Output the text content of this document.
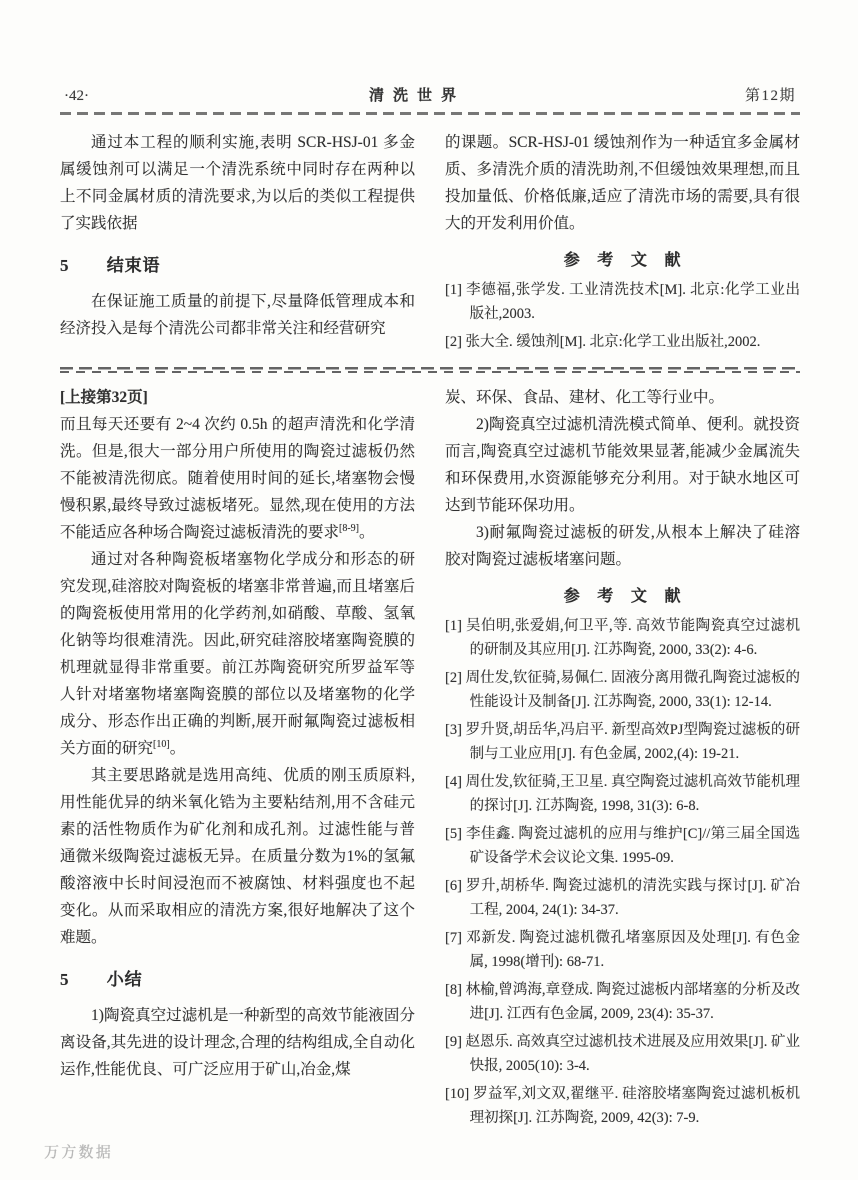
·42·	清洗世界	第12期

通过本工程的顺利实施,表明 SCR-HSJ-01 多金属缓蚀剂可以满足一个清洗系统中同时存在两种以上不同金属材质的清洗要求,为以后的类似工程提供了实践依据

5 结束语

在保证施工质量的前提下,尽量降低管理成本和经济投入是每个清洗公司都非常关注和经营研究

的课题。SCR-HSJ-01 缓蚀剂作为一种适宜多金属材质、多清洗介质的清洗助剂,不但缓蚀效果理想,而且投加量低、价格低廉,适应了清洗市场的需要,具有很大的开发利用价值。

参　考　文　献
[1] 李德福,张学发. 工业清洗技术[M]. 北京:化学工业出版社,2003.
[2] 张大全. 缓蚀剂[M]. 北京:化学工业出版社,2002.
[上接第32页]

而且每天还要有 2~4 次约 0.5h 的超声清洗和化学清洗。但是,很大一部分用户所使用的陶瓷过滤板仍然不能被清洗彻底。随着使用时间的延长,堵塞物会慢慢积累,最终导致过滤板堵死。显然,现在使用的方法不能适应各种场合陶瓷过滤板清洗的要求[8-9]。

通过对各种陶瓷板堵塞物化学成分和形态的研究发现,硅溶胶对陶瓷板的堵塞非常普遍,而且堵塞后的陶瓷板使用常用的化学药剂,如硝酸、草酸、氢氧化钠等均很难清洗。因此,研究硅溶胶堵塞陶瓷膜的机理就显得非常重要。前江苏陶瓷研究所罗益军等人针对堵塞物堵塞陶瓷膜的部位以及堵塞物的化学成分、形态作出正确的判断,展开耐氟陶瓷过滤板相关方面的研究[10]。

其主要思路就是选用高纯、优质的刚玉质原料,用性能优异的纳米氧化锆为主要粘结剂,用不含硅元素的活性物质作为矿化剂和成孔剂。过滤性能与普通微米级陶瓷过滤板无异。在质量分数为1%的氢氟酸溶液中长时间浸泡而不被腐蚀、材料强度也不起变化。从而采取相应的清洗方案,很好地解决了这个难题。

5 小结

1)陶瓷真空过滤机是一种新型的高效节能液固分离设备,其先进的设计理念,合理的结构组成,全自动化运作,性能优良、可广泛应用于矿山,冶金,煤

炭、环保、食品、建材、化工等行业中。

2)陶瓷真空过滤机清洗模式简单、便利。就投资而言,陶瓷真空过滤机节能效果显著,能减少金属流失和环保费用,水资源能够充分利用。对于缺水地区可达到节能环保功用。

3)耐氟陶瓷过滤板的研发,从根本上解决了硅溶胶对陶瓷过滤板堵塞问题。

参　考　文　献
[1] 吴伯明,张爱娟,何卫平,等. 高效节能陶瓷真空过滤机的研制及其应用[J]. 江苏陶瓷, 2000, 33(2): 4-6.
[2] 周仕发,钦征骑,易佩仁. 固液分离用微孔陶瓷过滤板的性能设计及制备[J]. 江苏陶瓷, 2000, 33(1): 12-14.
[3] 罗升贤,胡岳华,冯启平. 新型高效PJ型陶瓷过滤板的研制与工业应用[J]. 有色金属, 2002,(4): 19-21.
[4] 周仕发,钦征骑,王卫星. 真空陶瓷过滤机高效节能机理的探讨[J]. 江苏陶瓷, 1998, 31(3): 6-8.
[5] 李佳鑫. 陶瓷过滤机的应用与维护[C]//第三届全国选矿设备学术会议论文集. 1995-09.
[6] 罗升,胡桥华. 陶瓷过滤机的清洗实践与探讨[J]. 矿冶工程, 2004, 24(1): 34-37.
[7] 邓新发. 陶瓷过滤机微孔堵塞原因及处理[J]. 有色金属, 1998(增刊): 68-71.
[8] 林榆,曾鸿海,章登成. 陶瓷过滤板内部堵塞的分析及改进[J]. 江西有色金属, 2009, 23(4): 35-37.
[9] 赵恩乐. 高效真空过滤机技术进展及应用效果[J]. 矿业快报, 2005(10): 3-4.
[10] 罗益军,刘文双,翟继平. 硅溶胶堵塞陶瓷过滤机板机理初探[J]. 江苏陶瓷, 2009, 42(3): 7-9.
万方数据
